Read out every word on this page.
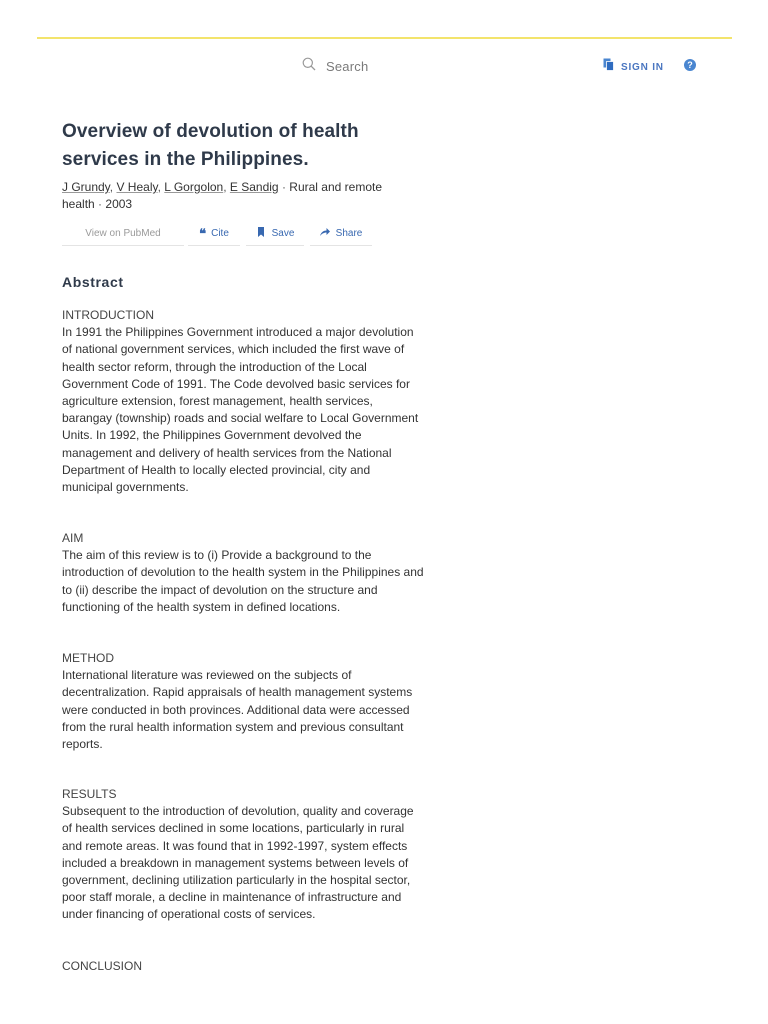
Search	SIGN IN	?
Overview of devolution of health services in the Philippines.
J Grundy, V Healy, L Gorgolon, E Sandig · Rural and remote health · 2003
View on PubMed	❝ Cite	Save	Share
Abstract
INTRODUCTION
In 1991 the Philippines Government introduced a major devolution of national government services, which included the first wave of health sector reform, through the introduction of the Local Government Code of 1991. The Code devolved basic services for agriculture extension, forest management, health services, barangay (township) roads and social welfare to Local Government Units. In 1992, the Philippines Government devolved the management and delivery of health services from the National Department of Health to locally elected provincial, city and municipal governments.
AIM
The aim of this review is to (i) Provide a background to the introduction of devolution to the health system in the Philippines and to (ii) describe the impact of devolution on the structure and functioning of the health system in defined locations.
METHOD
International literature was reviewed on the subjects of decentralization. Rapid appraisals of health management systems were conducted in both provinces. Additional data were accessed from the rural health information system and previous consultant reports.
RESULTS
Subsequent to the introduction of devolution, quality and coverage of health services declined in some locations, particularly in rural and remote areas. It was found that in 1992-1997, system effects included a breakdown in management systems between levels of government, declining utilization particularly in the hospital sector, poor staff morale, a decline in maintenance of infrastructure and under financing of operational costs of services.
CONCLUSION
